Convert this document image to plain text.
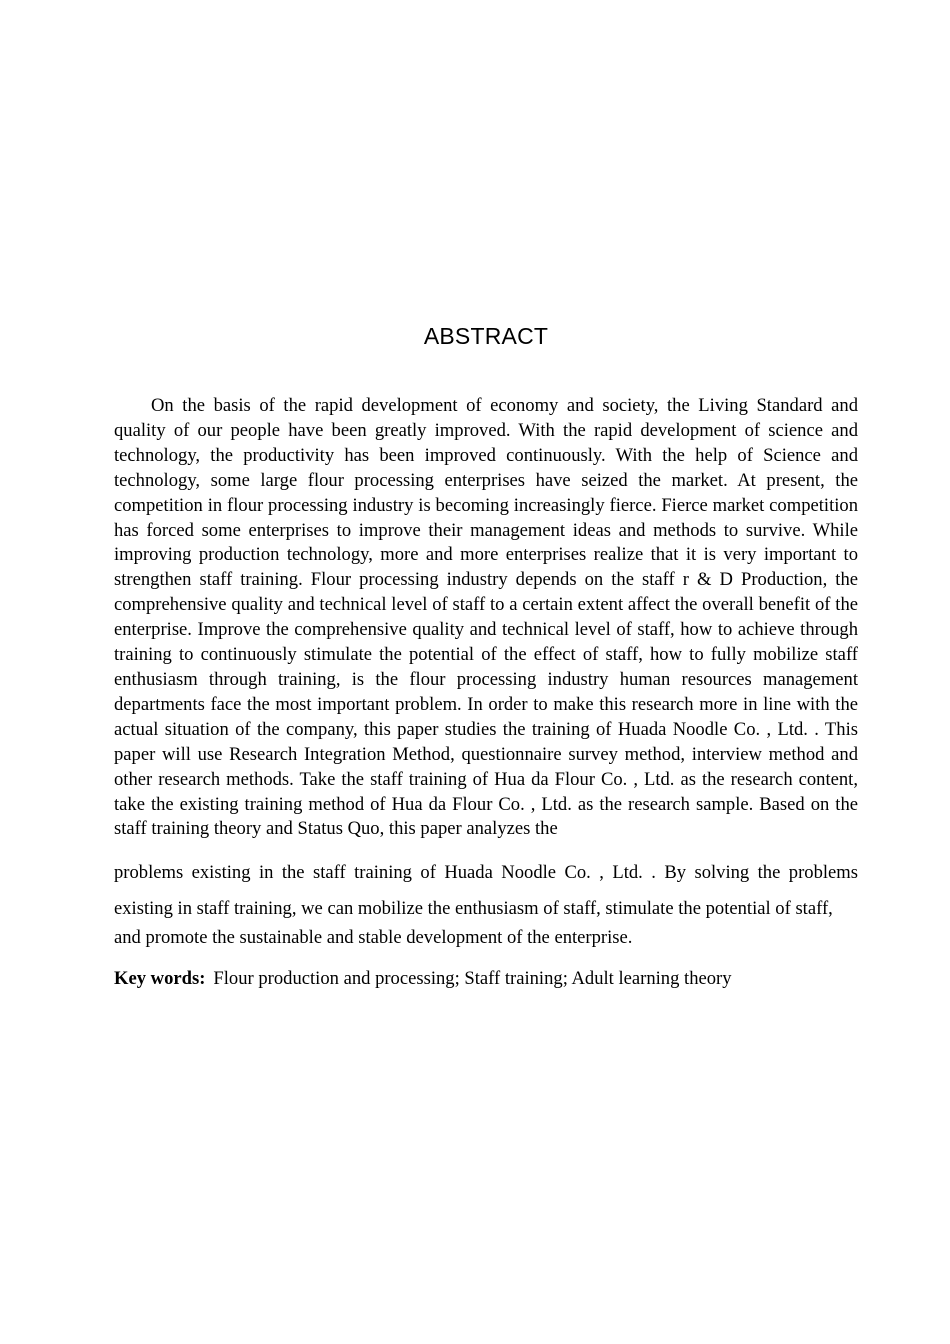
ABSTRACT

On the basis of the rapid development of economy and society, the Living Standard and quality of our people have been greatly improved. With the rapid development of science and technology, the productivity has been improved continuously. With the help of Science and technology, some large flour processing enterprises have seized the market. At present, the competition in flour processing industry is becoming increasingly fierce. Fierce market competition has forced some enterprises to improve their management ideas and methods to survive. While improving production technology, more and more enterprises realize that it is very important to strengthen staff training. Flour processing industry depends on the staff r & D Production, the comprehensive quality and technical level of staff to a certain extent affect the overall benefit of the enterprise. Improve the comprehensive quality and technical level of staff, how to achieve through training to continuously stimulate the potential of the effect of staff, how to fully mobilize staff enthusiasm through training, is the flour processing industry human resources management departments face the most important problem. In order to make this research more in line with the actual situation of the company, this paper studies the training of Huada Noodle Co. , Ltd. . This paper will use Research Integration Method, questionnaire survey method, interview method and other research methods. Take the staff training of Hua da Flour Co. , Ltd. as the research content, take the existing training method of Hua da Flour Co. , Ltd. as the research sample. Based on the staff training theory and Status Quo, this paper analyzes the

problems existing in the staff training of Huada Noodle Co. , Ltd. . By solving the problems existing in staff training, we can mobilize the enthusiasm of staff, stimulate the potential of staff,
and promote the sustainable and stable development of the enterprise.

Key words: Flour production and processing; Staff training; Adult learning theory
